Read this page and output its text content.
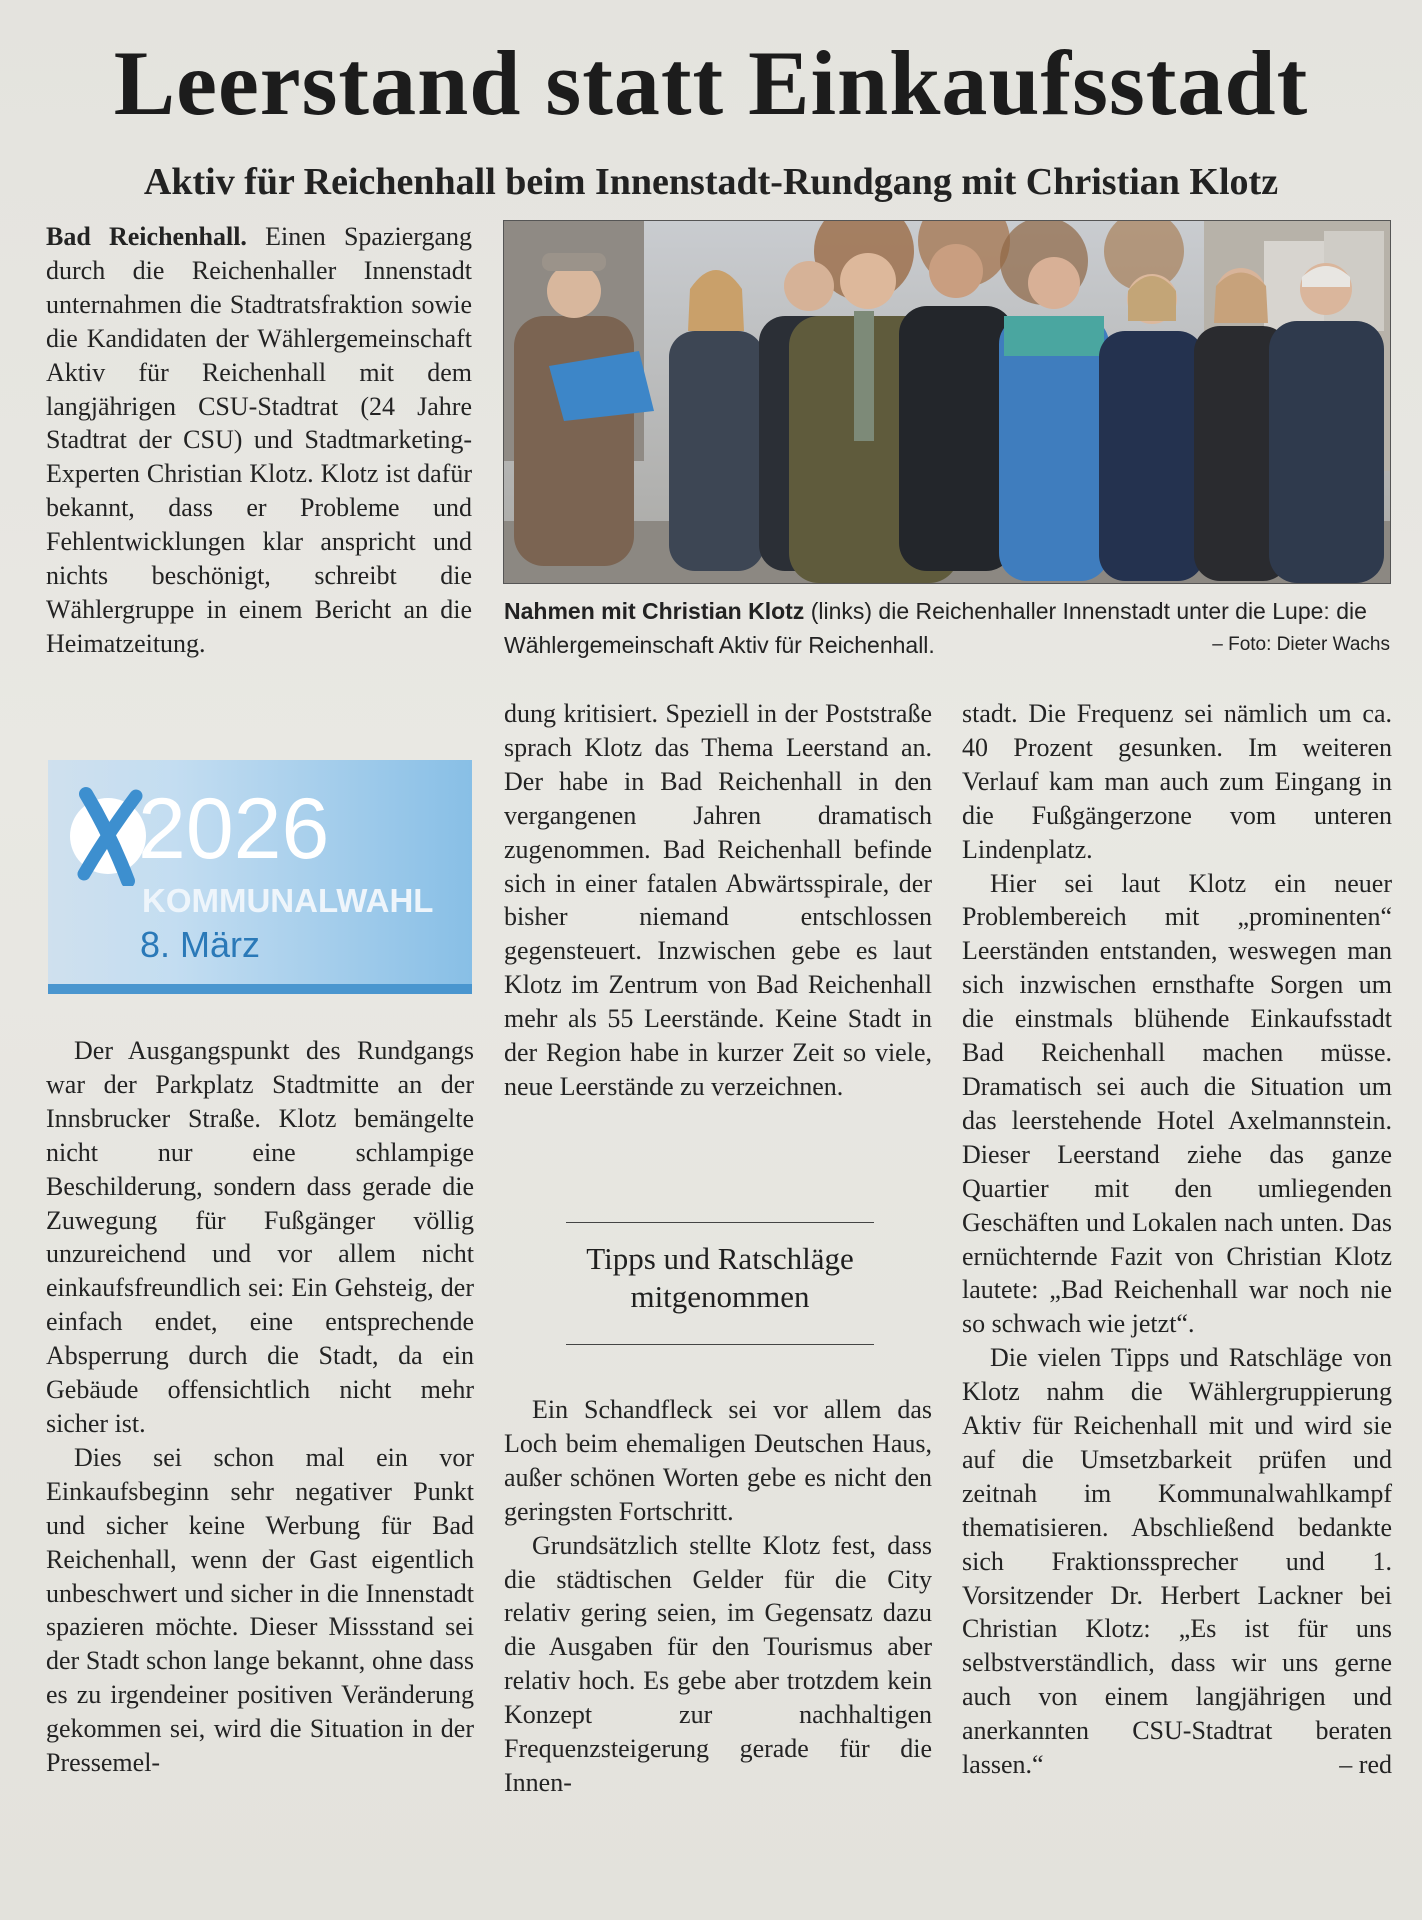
Leerstand statt Einkaufsstadt
Aktiv für Reichenhall beim Innenstadt-Rundgang mit Christian Klotz

Bad Reichenhall. Einen Spaziergang durch die Reichenhaller Innenstadt unternahmen die Stadtratsfraktion sowie die Kandidaten der Wählergemeinschaft Aktiv für Reichenhall mit dem langjährigen CSU-Stadtrat (24 Jahre Stadtrat der CSU) und Stadtmarketing-Experten Christian Klotz. Klotz ist dafür bekannt, dass er Probleme und Fehlentwicklungen klar anspricht und nichts beschönigt, schreibt die Wählergruppe in einem Bericht an die Heimatzeitung.

Nahmen mit Christian Klotz (links) die Reichenhaller Innenstadt unter die Lupe: die Wählergemeinschaft Aktiv für Reichenhall.	– Foto: Dieter Wachs
2026
KOMMUNALWAHL
8. März

Der Ausgangspunkt des Rundgangs war der Parkplatz Stadtmitte an der Innsbrucker Straße. Klotz bemängelte nicht nur eine schlampige Beschilderung, sondern dass gerade die Zuwegung für Fußgänger völlig unzureichend und vor allem nicht einkaufsfreundlich sei: Ein Gehsteig, der einfach endet, eine entsprechende Absperrung durch die Stadt, da ein Gebäude offensichtlich nicht mehr sicher ist.

Dies sei schon mal ein vor Einkaufsbeginn sehr negativer Punkt und sicher keine Werbung für Bad Reichenhall, wenn der Gast eigentlich unbeschwert und sicher in die Innenstadt spazieren möchte. Dieser Missstand sei der Stadt schon lange bekannt, ohne dass es zu irgendeiner positiven Veränderung gekommen sei, wird die Situation in der Pressemel-

dung kritisiert. Speziell in der Poststraße sprach Klotz das Thema Leerstand an. Der habe in Bad Reichenhall in den vergangenen Jahren dramatisch zugenommen. Bad Reichenhall befinde sich in einer fatalen Abwärtsspirale, der bisher niemand entschlossen gegensteuert. Inzwischen gebe es laut Klotz im Zentrum von Bad Reichenhall mehr als 55 Leerstände. Keine Stadt in der Region habe in kurzer Zeit so viele, neue Leerstände zu verzeichnen.

Tipps und Ratschläge mitgenommen

Ein Schandfleck sei vor allem das Loch beim ehemaligen Deutschen Haus, außer schönen Worten gebe es nicht den geringsten Fortschritt.

Grundsätzlich stellte Klotz fest, dass die städtischen Gelder für die City relativ gering seien, im Gegensatz dazu die Ausgaben für den Tourismus aber relativ hoch. Es gebe aber trotzdem kein Konzept zur nachhaltigen Frequenzsteigerung gerade für die Innen-

stadt. Die Frequenz sei nämlich um ca. 40 Prozent gesunken. Im weiteren Verlauf kam man auch zum Eingang in die Fußgängerzone vom unteren Lindenplatz.

Hier sei laut Klotz ein neuer Problembereich mit „prominenten“ Leerständen entstanden, weswegen man sich inzwischen ernsthafte Sorgen um die einstmals blühende Einkaufsstadt Bad Reichenhall machen müsse. Dramatisch sei auch die Situation um das leerstehende Hotel Axelmannstein. Dieser Leerstand ziehe das ganze Quartier mit den umliegenden Geschäften und Lokalen nach unten. Das ernüchternde Fazit von Christian Klotz lautete: „Bad Reichenhall war noch nie so schwach wie jetzt“.

Die vielen Tipps und Ratschläge von Klotz nahm die Wählergruppierung Aktiv für Reichenhall mit und wird sie auf die Umsetzbarkeit prüfen und zeitnah im Kommunalwahlkampf thematisieren. Abschließend bedankte sich Fraktionssprecher und 1. Vorsitzender Dr. Herbert Lackner bei Christian Klotz: „Es ist für uns selbstverständlich, dass wir uns gerne auch von einem langjährigen und anerkannten CSU-Stadtrat beraten lassen.“	– red
